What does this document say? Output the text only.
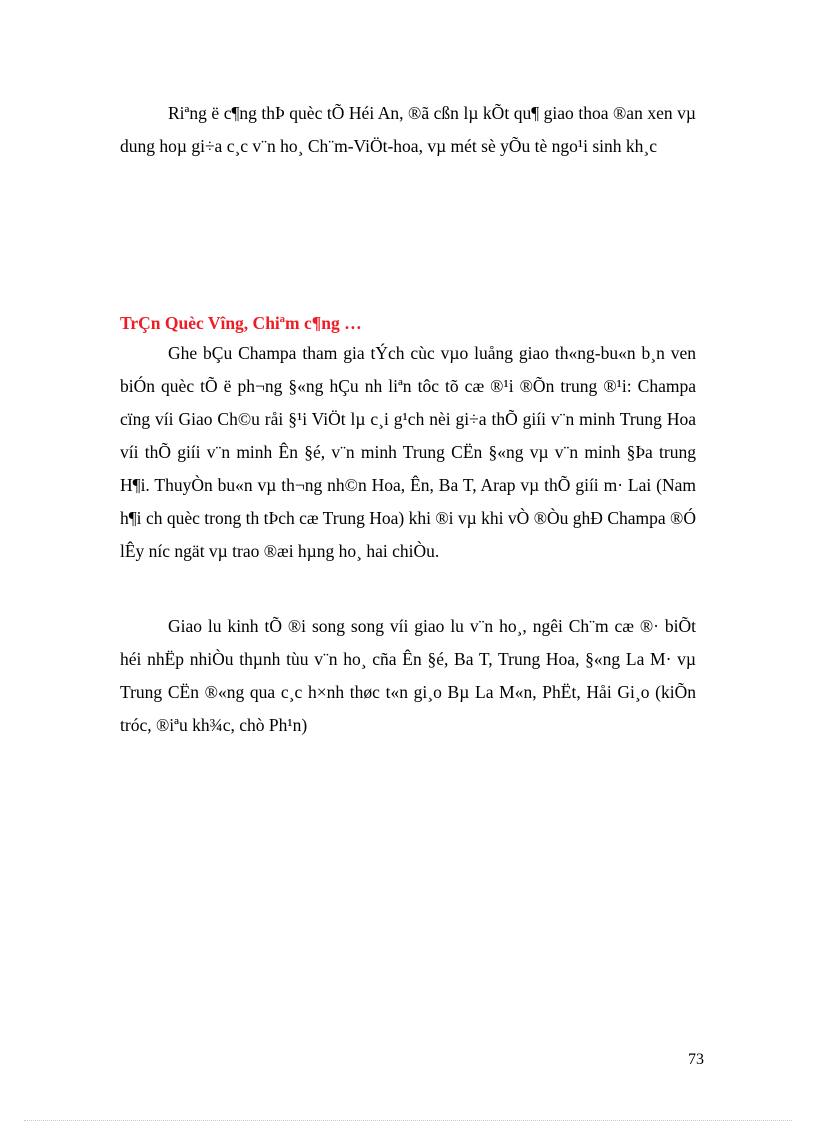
Riªng ë c¶ng thÞ quèc tÕ Héi An, ®ã cßn lµ kÕt qu¶ giao thoa ®an xen vµ dung hoµ gi÷a c¸c v¨n ho¸ Ch¨m-ViÖt-hoa, vµ mét sè yÕu tè ngo¹i sinh kh¸c

TrÇn Quèc Vîng, Chiªm c¶ng …

Ghe bÇu Champa tham gia tÝch cùc vµo luång giao th«ng-bu«n b¸n ven biÓn quèc tÕ ë ph¬ng §«ng hÇu nh liªn tôc tõ cæ ®¹i ®Õn trung ®¹i: Champa cïng víi Giao Ch©u råi §¹i ViÖt lµ c¸i g¹ch nèi gi÷a thÕ giíi v¨n minh Trung Hoa víi thÕ giíi v¨n minh Ên §é, v¨n minh Trung CËn §«ng vµ v¨n minh §Þa trung H¶i. ThuyÒn bu«n vµ th¬ng nh©n Hoa, Ên, Ba T, Arap vµ thÕ giíi m· Lai (Nam h¶i ch quèc trong th tÞch cæ Trung Hoa) khi ®i vµ khi vÒ ®Òu ghÐ Champa ®Ó lÊy níc ngät vµ trao ®æi hµng ho¸ hai chiÒu.

Giao lu kinh tÕ ®i song song víi giao lu v¨n ho¸, ngêi Ch¨m cæ ®· biÕt héi nhËp nhiÒu thµnh tùu v¨n ho¸ cña Ên §é, Ba T, Trung Hoa, §«ng La M· vµ Trung CËn ®«ng qua c¸c h×nh thøc t«n gi¸o Bµ La M«n, PhËt, Håi Gi¸o (kiÕn tróc, ®iªu kh¾c, chò Ph¹n)

73
